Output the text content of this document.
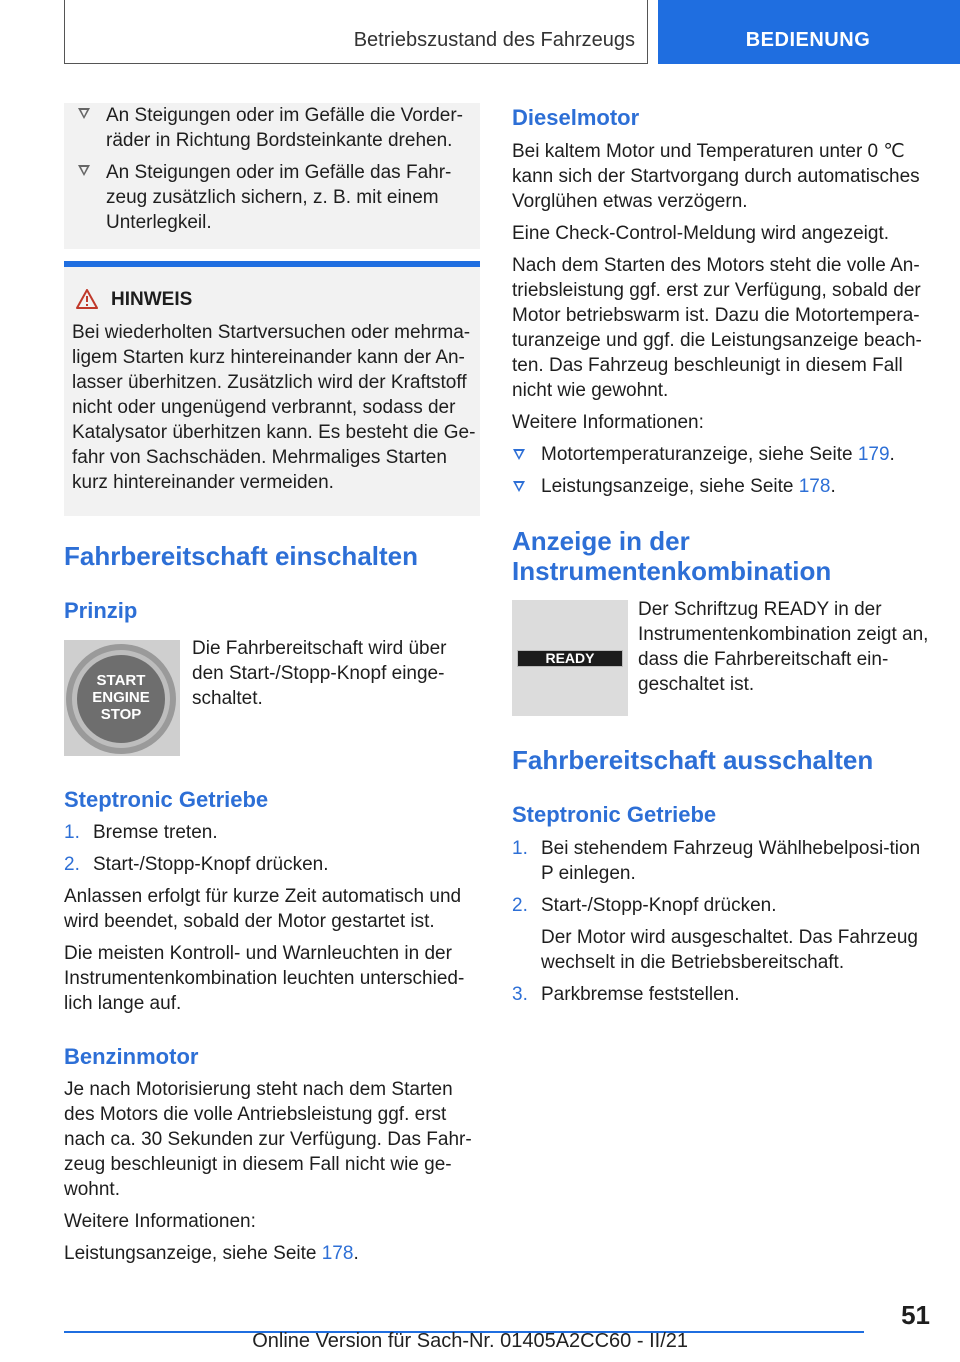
Betriebszustand des Fahrzeugs	BEDIENUNG
An Steigungen oder im Gefälle die Vorder-räder in Richtung Bordsteinkante drehen.
An Steigungen oder im Gefälle das Fahr-zeug zusätzlich sichern, z. B. mit einem Unterlegkeil.
HINWEIS
Bei wiederholten Startversuchen oder mehrma-ligem Starten kurz hintereinander kann der An-lasser überhitzen. Zusätzlich wird der Kraftstoff nicht oder ungenügend verbrannt, sodass der Katalysator überhitzen kann. Es besteht die Ge-fahr von Sachschäden. Mehrmaliges Starten kurz hintereinander vermeiden.
Fahrbereitschaft einschalten
Prinzip
START
ENGINE
STOP
Die Fahrbereitschaft wird über den Start-/Stopp-Knopf einge-schaltet.
Steptronic Getriebe
1. Bremse treten.
2. Start-/Stopp-Knopf drücken.
Anlassen erfolgt für kurze Zeit automatisch und wird beendet, sobald der Motor gestartet ist.
Die meisten Kontroll- und Warnleuchten in der Instrumentenkombination leuchten unterschied-lich lange auf.
Benzinmotor
Je nach Motorisierung steht nach dem Starten des Motors die volle Antriebsleistung ggf. erst nach ca. 30 Sekunden zur Verfügung. Das Fahr-zeug beschleunigt in diesem Fall nicht wie ge-wohnt.
Weitere Informationen:
Leistungsanzeige, siehe Seite 178.
Dieselmotor
Bei kaltem Motor und Temperaturen unter 0 ℃ kann sich der Startvorgang durch automatisches Vorglühen etwas verzögern.
Eine Check-Control-Meldung wird angezeigt.
Nach dem Starten des Motors steht die volle An-triebsleistung ggf. erst zur Verfügung, sobald der Motor betriebswarm ist. Dazu die Motortempera-turanzeige und ggf. die Leistungsanzeige beach-ten. Das Fahrzeug beschleunigt in diesem Fall nicht wie gewohnt.
Weitere Informationen:
Motortemperaturanzeige, siehe Seite 179.
Leistungsanzeige, siehe Seite 178.
Anzeige in der
Instrumentenkombination
READY
Der Schriftzug READY in der Instrumentenkombination zeigt an, dass die Fahrbereitschaft ein-geschaltet ist.
Fahrbereitschaft ausschalten
Steptronic Getriebe
1. Bei stehendem Fahrzeug Wählhebelposi-tion P einlegen.
2. Start-/Stopp-Knopf drücken.
Der Motor wird ausgeschaltet. Das Fahrzeug wechselt in die Betriebsbereitschaft.
3. Parkbremse feststellen.
51
Online Version für Sach-Nr. 01405A2CC60 - II/21
